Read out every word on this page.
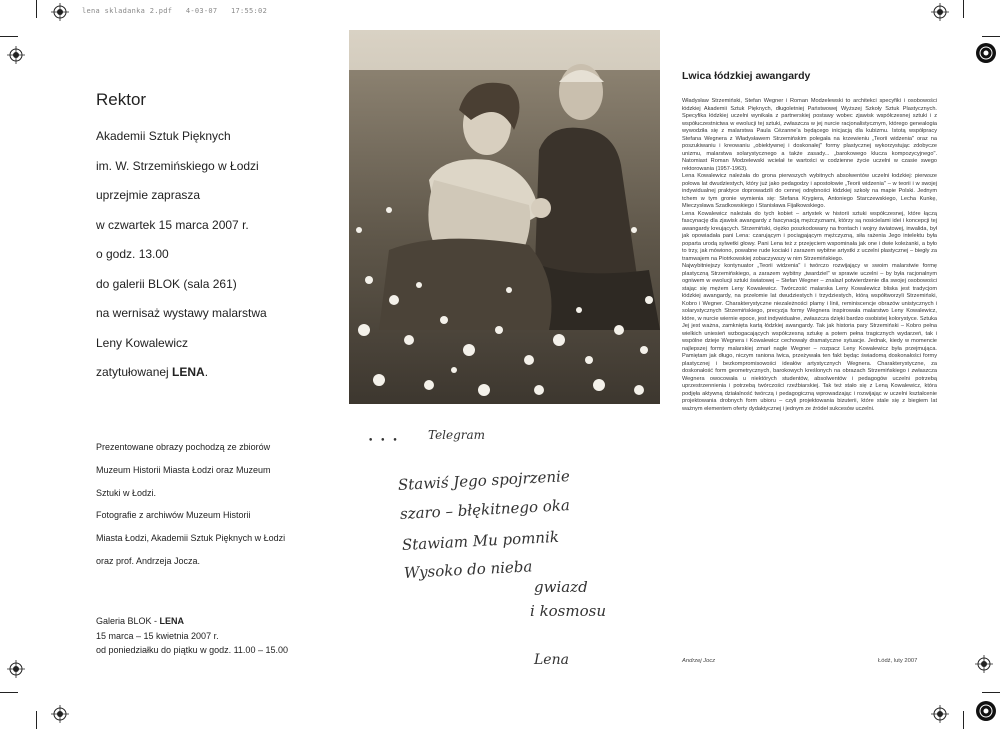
lena skladanka 2.pdf   4-03-07   17:55:02
Rektor

Akademii Sztuk Pięknych

im. W. Strzemińskiego w Łodzi

uprzejmie zaprasza

w czwartek 15 marca 2007 r.

o godz. 13.00

do galerii BLOK (sala 261)

na wernisaż wystawy malarstwa

Leny Kowalewicz

zatytułowanej LENA.

Prezentowane obrazy pochodzą ze zbiorów

Muzeum Historii Miasta Łodzi oraz Muzeum

Sztuki w Łodzi.

Fotografie z archiwów Muzeum Historii

Miasta Łodzi, Akademii Sztuk Pięknych w Łodzi

oraz prof. Andrzeja Jocza.

Galeria BLOK - LENA

15 marca – 15 kwietnia 2007 r.

od poniedziałku do piątku w godz. 11.00 – 15.00

• • • Telegram
Stawiś Jego spojrzenie
szaro – błękitnego oka
Stawiam Mu pomnik
Wysoko do nieba
gwiazd
i kosmosu
Lena
Lwica łódzkiej awangardy

Władysław Strzemiński, Stefan Wegner i Roman Modzelewski to architekci specyfiki i osobowości łódzkiej Akademii Sztuk Pięknych, długoletniej Państwowej Wyższej Szkoły Sztuk Plastycznych. Specyfika łódzkiej uczelni wynikała z partnerskiej postawy wobec zjawisk współczesnej sztuki i z współuczestnictwa w ewolucji tej sztuki, zwłaszcza w jej nurcie racjonalistycznym, którego genealogia wywodziła się z malarstwa Paula Cézanne'a będącego inicjacją dla kubizmu. Istotą współpracy Stefana Wegnera z Władysławem Strzemińskim polegała na krzewieniu „Teorii widzenia" oraz na poszukiwaniu i kreowaniu „obiektywnej i doskonałej" formy plastycznej wykorzystując zdobycze unizmu, malarstwa solarystycznego a także zasady... „barokowego klucza kompozycyjnego". Natomiast Roman Modzelewski wcielał te wartości w codzienne życie uczelni w czasie swego rektorowania (1957-1963).

Lena Kowalewicz należała do grona pierwszych wybitnych absolwentów uczelni łodzkiej: pierwsze połowa lat dwudziestych, który już jako pedagodzy i apostołowie „Teorii widzenia" – w teorii i w swojej indywidualnej praktyce doprowadzili do cennej odrębności łódzkiej szkoły na mapie Polski. Jednym tchem w tym gronie wymienia się: Stefana Krygiera, Antoniego Starczewskiego, Lecha Kunkę, Mieczysława Szadkowskiego i Stanisława Fijałkowskiego.

Lena Kowalewicz należała do tych kobiet – artystek w historii sztuki współczesnej, które łączą fascynację dla zjawisk awangardy z fascynacją mężczyznami, którzy są nosicielami idei i koncepcji tej awangardy kreujących. Strzemiński, ciężko poszkodowany na frontach i wojny światowej, inwalida, był jak opowiadała pani Lena: czarującym i pociągającym mężczyzną, siła rażenia Jego intelektu była poparta urodą sylwetki głowy. Pani Lena też z przejęciem wspominała jak one i dwie koleżanki, a było to trzy, jak mówiono, powabne rude kociaki i zarazem wybitne artystki z uczelni plastycznej – biegły za tramwajem na Piotrkowskiej zobaczywszy w nim Strzemińskiego.

Najwybitniejszy kontynuator „Teorii widzenia" i twórczo rozwijający w swoim malarstwie formę plastyczną Strzemińskiego, a zarazem wybitny „twardziel" w sprawie uczelni – by była racjonalnym ogniwem w ewolucji sztuki światowej – Stefan Wegner – znalazł potwierdzenie dla swojej osobowości stając się mężem Leny Kowalewicz. Twórczość malarska Leny Kowalewicz bliska jest tradycjom łódzkiej awangardy, na przełomie lat dwudziestych i trzydziestych, którą współtworzyli Strzemiński, Kobro i Wegner. Charakterystyczne niezależności plamy i linii, reminiscencje obrazów unistycznych i solarystycznych Strzemińskiego, precyzja formy Wegnera inspirowała malarstwo Leny Kowalewicz, które, w nurcie wiernie epoce, jest indywidualne, zwłaszcza dzięki bardzo osobistej kolorystyce. Sztuka Jej jest ważna, zamknięta kartą łódzkiej awangardy. Tak jak historia pary Strzemiński – Kobro pełna wielkich uniesień wzbogacających współczesną sztukę a potem pełna tragicznych wydarzeń, tak i wspólne dzieje Wegnera i Kowalewicz cechowały dramatyczne sytuacje. Jednak, kiedy w momencie najlepszej formy malarskiej zmarł nagle Wegner – rozpacz Leny Kowalewicz była przejmująca. Pamiętam jak długo, niczym raniona lwica, przeżywała ten fakt będąc świadomą doskonałości formy plastycznej i bezkompromisowości ideałów artystycznych Wegnera. Charakterystyczne, za doskonałość form geometrycznych, barokowych kreślonych na obrazach Strzemińskiego i zwłaszcza Wegnera owocowała u niektórych studentów, absolwentów i pedagogów uczelni potrzebą uprzestrzennienia i potrzebą twórczości rzeźbiarskiej. Tak też stało się z Leną Kowalewicz, która podjęła aktywną działalność twórczą i pedagogiczną wprowadzając i rozwijając w uczelni kształcenie projektowania drobnych form ubioru – czyli projektowania bizuterii, które stale się z biegiem lat ważnym elementem oferty dydaktycznej i jednym ze źródeł sukcesów uczelni.

Andrzej Jocz	Łódź, luty 2007
